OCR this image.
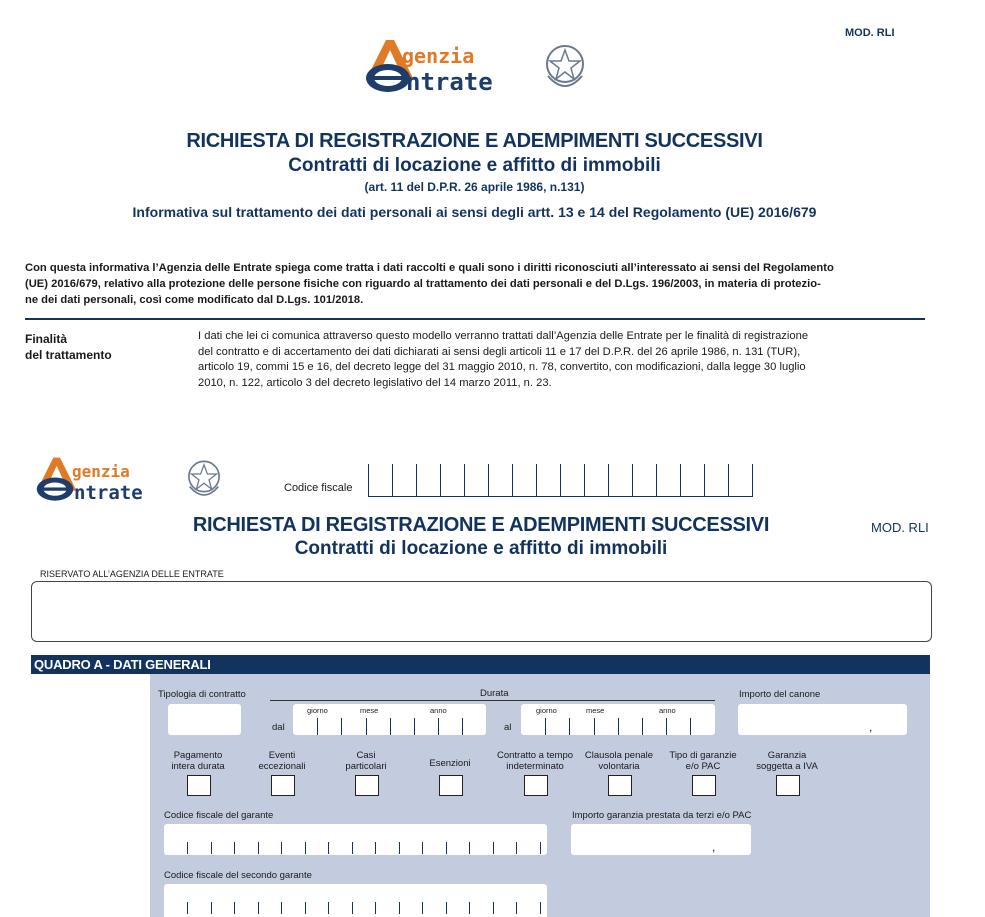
MOD. RLI
genzia
ntrate
RICHIESTA DI REGISTRAZIONE E ADEMPIMENTI SUCCESSIVI
Contratti di locazione e affitto di immobili
(art. 11 del D.P.R. 26 aprile 1986, n.131)
Informativa sul trattamento dei dati personali ai sensi degli artt. 13 e 14 del Regolamento (UE) 2016/679
Con questa informativa l’Agenzia delle Entrate spiega come tratta i dati raccolti e quali sono i diritti riconosciuti all’interessato ai sensi del Regolamento
(UE) 2016/679, relativo alla protezione delle persone fisiche con riguardo al trattamento dei dati personali e del D.Lgs. 196/2003, in materia di protezio-
ne dei dati personali, così come modificato dal D.Lgs. 101/2018.
Finalità
del trattamento
I dati che lei ci comunica attraverso questo modello verranno trattati dall’Agenzia delle Entrate per le finalità di registrazione
del contratto e di accertamento dei dati dichiarati ai sensi degli articoli 11 e 17 del D.P.R. del 26 aprile 1986, n. 131 (TUR),
articolo 19, commi 15 e 16, del decreto legge del 31 maggio 2010, n. 78, convertito, con modificazioni, dalla legge 30 luglio
2010, n. 122, articolo 3 del decreto legislativo del 14 marzo 2011, n. 23.
genzia
ntrate	Codice fiscale
RICHIESTA DI REGISTRAZIONE E ADEMPIMENTI SUCCESSIVI
Contratti di locazione e affitto di immobili
MOD. RLI
RISERVATO ALL’AGENZIA DELLE ENTRATE
QUADRO A - DATI GENERALI
Tipologia di contratto	Durata
dal
giorno	mese	anno
al
giorno	mese	anno
Importo del canone
,
Pagamento
intera durata
Eventi
eccezionali
Casi
particolari	Esenzioni
Contratto a tempo
indeterminato
Clausola penale
volontaria
Tipo di garanzie
e/o PAC
Garanzia
soggetta a IVA
Codice fiscale del garante	Importo garanzia prestata da terzi e/o PAC
,
Codice fiscale del secondo garante
